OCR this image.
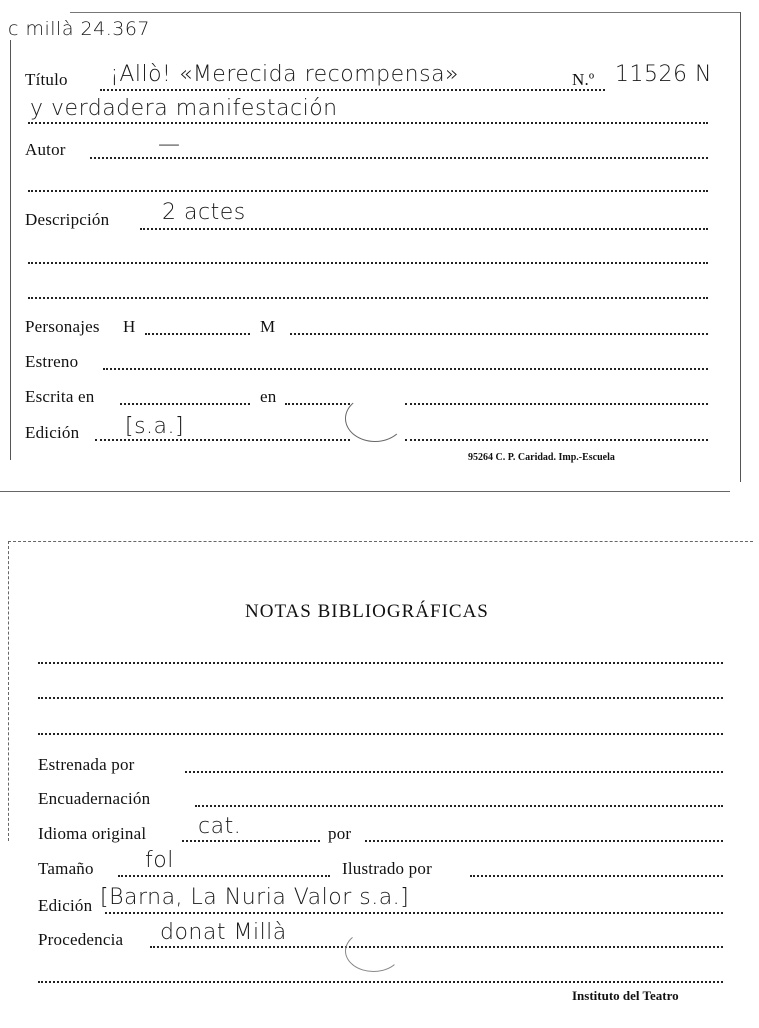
c millà 24.367
Título ¡Allò! «Merecida recompensa»	N.º 11526 N
y verdadera manifestación
Autor	—
Descripción 2 actes
Personajes H	M
Estreno
Escrita en	en
Edición [s.a.]
95264 C. P. Caridad. Imp.-Escuela
NOTAS BIBLIOGRÁFICAS
Estrenada por
Encuadernación
Idioma original cat.	por
Tamaño fol	Ilustrado por
Edición [Barna, La Nuria Valor s.a.]
Procedencia donat Millà
Instituto del Teatro
